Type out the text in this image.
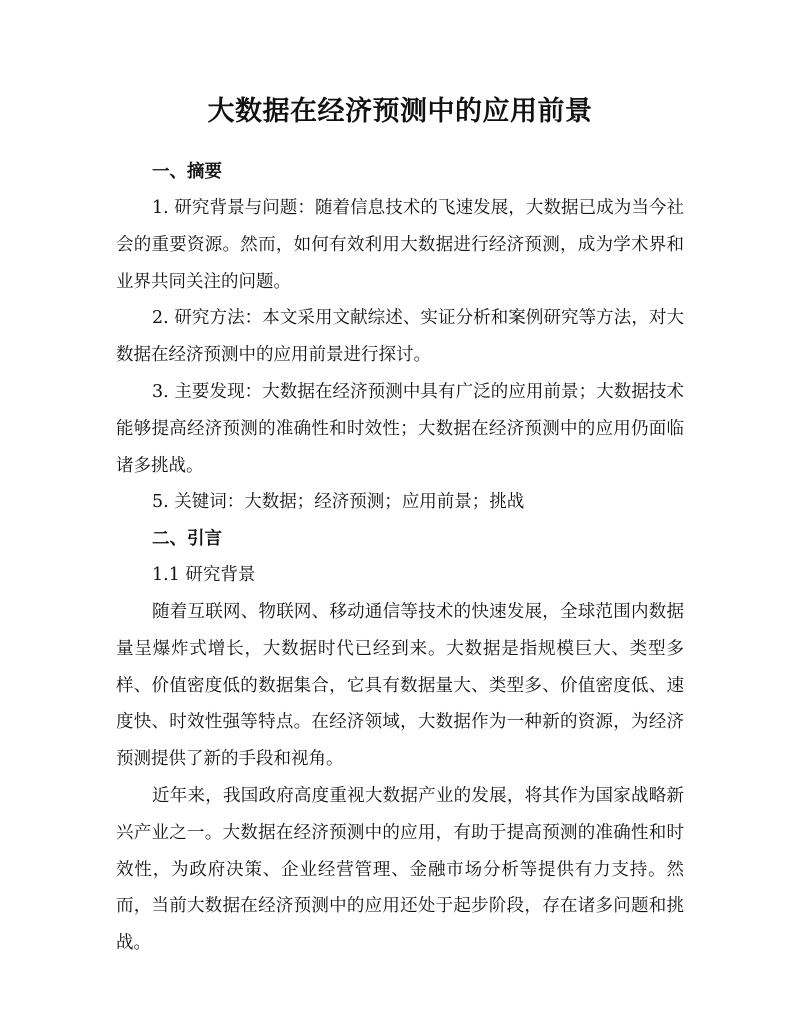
大数据在经济预测中的应用前景

一、摘要

1. 研究背景与问题：随着信息技术的飞速发展，大数据已成为当今社会的重要资源。然而，如何有效利用大数据进行经济预测，成为学术界和业界共同关注的问题。

2. 研究方法：本文采用文献综述、实证分析和案例研究等方法，对大数据在经济预测中的应用前景进行探讨。

3. 主要发现：大数据在经济预测中具有广泛的应用前景；大数据技术能够提高经济预测的准确性和时效性；大数据在经济预测中的应用仍面临诸多挑战。

5. 关键词：大数据；经济预测；应用前景；挑战

二、引言

1.1 研究背景

随着互联网、物联网、移动通信等技术的快速发展，全球范围内数据量呈爆炸式增长，大数据时代已经到来。大数据是指规模巨大、类型多样、价值密度低的数据集合，它具有数据量大、类型多、价值密度低、速度快、时效性强等特点。在经济领域，大数据作为一种新的资源，为经济预测提供了新的手段和视角。

近年来，我国政府高度重视大数据产业的发展，将其作为国家战略新兴产业之一。大数据在经济预测中的应用，有助于提高预测的准确性和时效性，为政府决策、企业经营管理、金融市场分析等提供有力支持。然而，当前大数据在经济预测中的应用还处于起步阶段，存在诸多问题和挑战。
